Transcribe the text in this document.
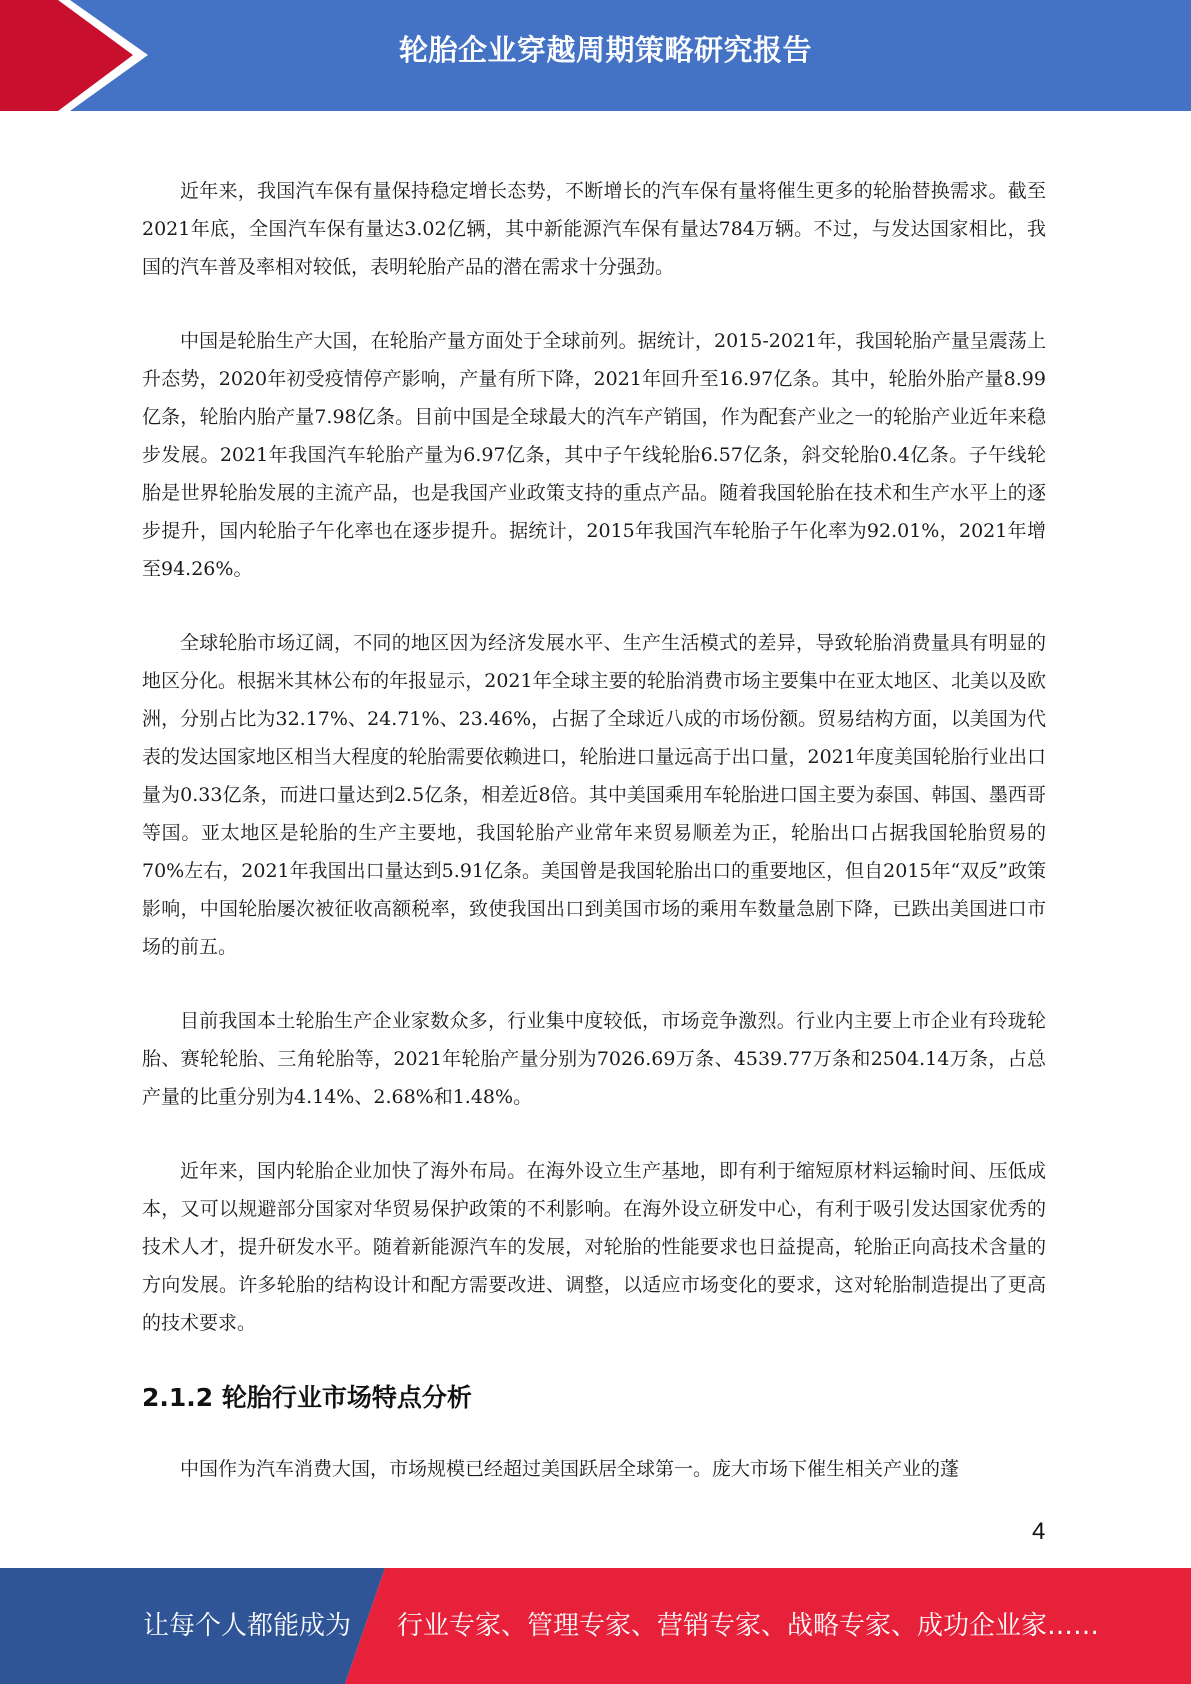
轮胎企业穿越周期策略研究报告

近年来，我国汽车保有量保持稳定增长态势，不断增长的汽车保有量将催生更多的轮胎替换需求。截至2021年底，全国汽车保有量达3.02亿辆，其中新能源汽车保有量达784万辆。不过，与发达国家相比，我国的汽车普及率相对较低，表明轮胎产品的潜在需求十分强劲。

中国是轮胎生产大国，在轮胎产量方面处于全球前列。据统计，2015-2021年，我国轮胎产量呈震荡上升态势，2020年初受疫情停产影响，产量有所下降，2021年回升至16.97亿条。其中，轮胎外胎产量8.99亿条，轮胎内胎产量7.98亿条。目前中国是全球最大的汽车产销国，作为配套产业之一的轮胎产业近年来稳步发展。2021年我国汽车轮胎产量为6.97亿条，其中子午线轮胎6.57亿条，斜交轮胎0.4亿条。子午线轮胎是世界轮胎发展的主流产品，也是我国产业政策支持的重点产品。随着我国轮胎在技术和生产水平上的逐步提升，国内轮胎子午化率也在逐步提升。据统计，2015年我国汽车轮胎子午化率为92.01%，2021年增至94.26%。

全球轮胎市场辽阔，不同的地区因为经济发展水平、生产生活模式的差异，导致轮胎消费量具有明显的地区分化。根据米其林公布的年报显示，2021年全球主要的轮胎消费市场主要集中在亚太地区、北美以及欧洲，分别占比为32.17%、24.71%、23.46%，占据了全球近八成的市场份额。贸易结构方面，以美国为代表的发达国家地区相当大程度的轮胎需要依赖进口，轮胎进口量远高于出口量，2021年度美国轮胎行业出口量为0.33亿条，而进口量达到2.5亿条，相差近8倍。其中美国乘用车轮胎进口国主要为泰国、韩国、墨西哥等国。亚太地区是轮胎的生产主要地，我国轮胎产业常年来贸易顺差为正，轮胎出口占据我国轮胎贸易的70%左右，2021年我国出口量达到5.91亿条。美国曾是我国轮胎出口的重要地区，但自2015年“双反”政策影响，中国轮胎屡次被征收高额税率，致使我国出口到美国市场的乘用车数量急剧下降，已跌出美国进口市场的前五。

目前我国本土轮胎生产企业家数众多，行业集中度较低，市场竞争激烈。行业内主要上市企业有玲珑轮胎、赛轮轮胎、三角轮胎等，2021年轮胎产量分别为7026.69万条、4539.77万条和2504.14万条，占总产量的比重分别为4.14%、2.68%和1.48%。

近年来，国内轮胎企业加快了海外布局。在海外设立生产基地，即有利于缩短原材料运输时间、压低成本，又可以规避部分国家对华贸易保护政策的不利影响。在海外设立研发中心，有利于吸引发达国家优秀的技术人才，提升研发水平。随着新能源汽车的发展，对轮胎的性能要求也日益提高，轮胎正向高技术含量的方向发展。许多轮胎的结构设计和配方需要改进、调整，以适应市场变化的要求，这对轮胎制造提出了更高的技术要求。

2.1.2 轮胎行业市场特点分析

中国作为汽车消费大国，市场规模已经超过美国跃居全球第一。庞大市场下催生相关产业的蓬

4
让每个人都能成为 行业专家、管理专家、营销专家、战略专家、成功企业家……
